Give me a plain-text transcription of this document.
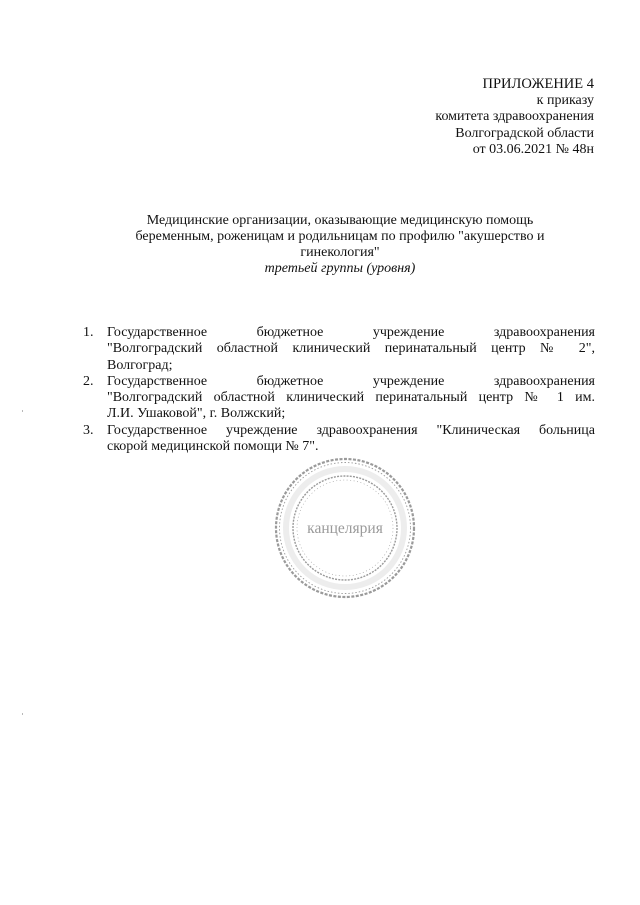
ПРИЛОЖЕНИЕ 4
к приказу
комитета здравоохранения
Волгоградской области
от 03.06.2021 № 48н
Медицинские организации, оказывающие медицинскую помощь
беременным, роженицам и родильницам по профилю "акушерство и
гинекология"
третьей группы (уровня)
1. Государственное бюджетное учреждение здравоохранения
"Волгоградский областной клинический перинатальный центр № 2",
Волгоград;
2. Государственное бюджетное учреждение здравоохранения
"Волгоградский областной клинический перинатальный центр № 1 им.
Л.И. Ушаковой", г. Волжский;
3. Государственное учреждение здравоохранения "Клиническая больница
скорой медицинской помощи № 7".
канцелярия
